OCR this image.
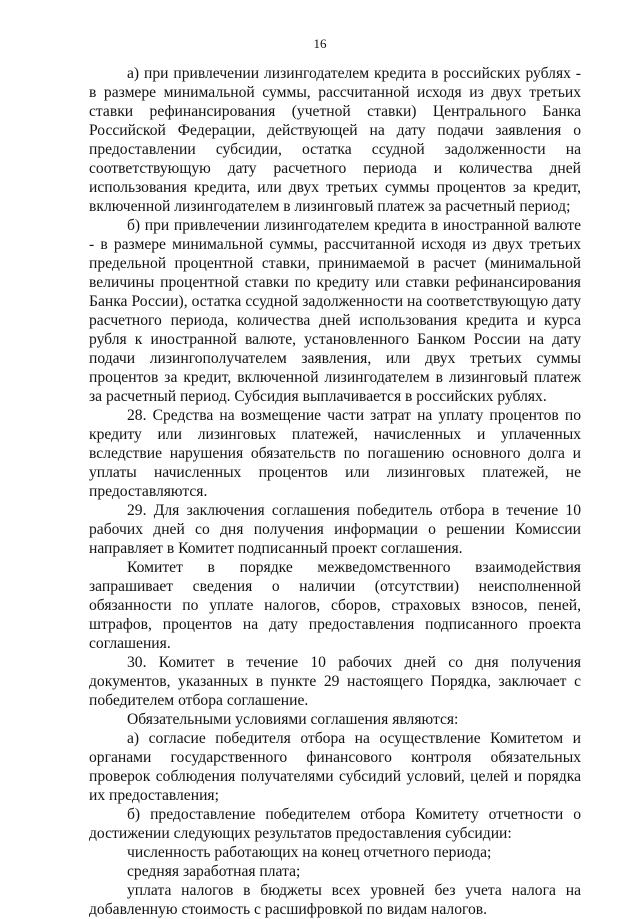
16

а) при привлечении лизингодателем кредита в российских рублях - в размере минимальной суммы, рассчитанной исходя из двух третьих ставки рефинансирования (учетной ставки) Центрального Банка Российской Федерации, действующей на дату подачи заявления о предоставлении субсидии, остатка ссудной задолженности на соответствующую дату расчетного периода и количества дней использования кредита, или двух третьих суммы процентов за кредит, включенной лизингодателем в лизинговый платеж за расчетный период;

б) при привлечении лизингодателем кредита в иностранной валюте - в размере минимальной суммы, рассчитанной исходя из двух третьих предельной процентной ставки, принимаемой в расчет (минимальной величины процентной ставки по кредиту или ставки рефинансирования Банка России), остатка ссудной задолженности на соответствующую дату расчетного периода, количества дней использования кредита и курса рубля к иностранной валюте, установленного Банком России на дату подачи лизингополучателем заявления, или двух третьих суммы процентов за кредит, включенной лизингодателем в лизинговый платеж за расчетный период. Субсидия выплачивается в российских рублях.

28. Средства на возмещение части затрат на уплату процентов по кредиту или лизинговых платежей, начисленных и уплаченных вследствие нарушения обязательств по погашению основного долга и уплаты начисленных процентов или лизинговых платежей, не предоставляются.

29. Для заключения соглашения победитель отбора в течение 10 рабочих дней со дня получения информации о решении Комиссии направляет в Комитет подписанный проект соглашения.

Комитет в порядке межведомственного взаимодействия запрашивает сведения о наличии (отсутствии) неисполненной обязанности по уплате налогов, сборов, страховых взносов, пеней, штрафов, процентов на дату предоставления подписанного проекта соглашения.

30. Комитет в течение 10 рабочих дней со дня получения документов, указанных в пункте 29 настоящего Порядка, заключает с победителем отбора соглашение.

Обязательными условиями соглашения являются:

а) согласие победителя отбора на осуществление Комитетом и органами государственного финансового контроля обязательных проверок соблюдения получателями субсидий условий, целей и порядка их предоставления;

б) предоставление победителем отбора Комитету отчетности о достижении следующих результатов предоставления субсидии:

численность работающих на конец отчетного периода;

средняя заработная плата;

уплата налогов в бюджеты всех уровней без учета налога на добавленную стоимость с расшифровкой по видам налогов.
